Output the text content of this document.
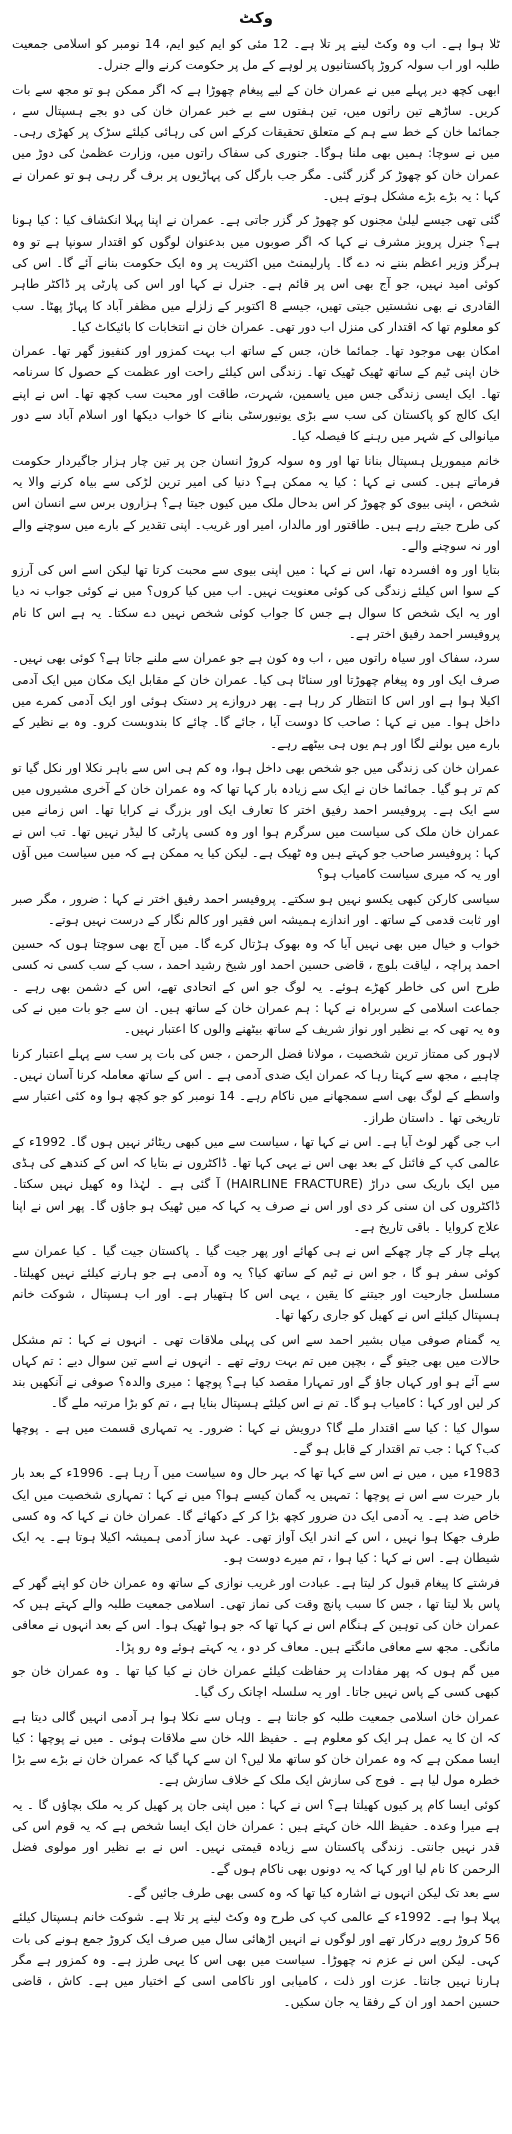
وکٹ

ٹلا ہوا ہے۔ اب وہ وکٹ لینے پر تلا ہے۔ 12 مئی کو ایم کیو ایم، 14 نومبر کو اسلامی جمعیت طلبہ اور اب سولہ کروڑ پاکستانیوں پر لوہے کے مل پر حکومت کرنے والے جنرل۔

ابھی کچھ دیر پہلے میں نے عمران خان کے لیے پیغام چھوڑا ہے کہ اگر ممکن ہو تو مجھ سے بات کریں۔ ساڑھے تین راتوں میں، تین ہفتوں سے بے خبر عمران خان کی دو بجے ہسپتال سے ، جمائما خان کے خط سے ہم کے متعلق تحقیقات کرکے اس کی رہائی کیلئے سڑک پر کھڑی رہی۔ میں نے سوچا: ہمیں بھی ملنا ہوگا۔ جنوری کی سفاک راتوں میں، وزارت عظمیٰ کی دوڑ میں عمران خان کو چھوڑ کر گزر گئی۔ مگر جب بارگل کی پہاڑیوں پر برف گر رہی ہو تو عمران نے کہا : یہ بڑے بڑے مشکل ہوتے ہیں۔

گئی تھی جیسے لیلیٰ مجنوں کو چھوڑ کر گزر جاتی ہے۔ عمران نے اپنا پہلا انکشاف کیا : کیا ہونا ہے؟ جنرل پرویز مشرف نے کہا کہ اگر صوبوں میں بدعنوان لوگوں کو اقتدار سونپا ہے تو وہ ہرگز وزیر اعظم بننے نہ دے گا۔ پارلیمنٹ میں اکثریت پر وہ ایک حکومت بنانے آئے گا۔ اس کی کوئی امید نہیں، جو آج بھی اس پر قائم ہے۔ جنرل نے کہا اور اس کی پارٹی پر ڈاکٹر طاہر القادری نے بھی نشستیں جیتی تھیں، جیسے 8 اکتوبر کے زلزلے میں مظفر آباد کا پہاڑ پھٹا۔ سب کو معلوم تھا کہ اقتدار کی منزل اب دور تھی۔ عمران خان نے انتخابات کا بائیکاٹ کیا۔

امکان بھی موجود تھا۔ جمائما خان، جس کے ساتھ اب بہت کمزور اور کنفیوز گھر تھا۔ عمران خان اپنی ٹیم کے ساتھ ٹھیک ٹھیک تھا۔ زندگی اس کیلئے راحت اور عظمت کے حصول کا سرنامہ تھا۔ ایک ایسی زندگی جس میں یاسمین، شہرت، طاقت اور محبت سب کچھ تھا۔ اس نے اپنے ایک کالج کو پاکستان کی سب سے بڑی یونیورسٹی بنانے کا خواب دیکھا اور اسلام آباد سے دور میانوالی کے شہر میں رہنے کا فیصلہ کیا۔

خانم میموریل ہسپتال بنانا تھا اور وہ سولہ کروڑ انسان جن پر تین چار ہزار جاگیردار حکومت فرماتے ہیں۔ کسی نے کہا : کیا یہ ممکن ہے؟ دنیا کی امیر ترین لڑکی سے بیاہ کرنے والا یہ شخص ، اپنی بیوی کو چھوڑ کر اس بدحال ملک میں کیوں جیتا ہے؟ ہزاروں برس سے انسان اس کی طرح جیتے رہے ہیں۔ طاقتور اور مالدار، امیر اور غریب۔ اپنی تقدیر کے بارے میں سوچنے والے اور نہ سوچنے والے۔

بتایا اور وہ افسردہ تھا، اس نے کہا : میں اپنی بیوی سے محبت کرتا تھا لیکن اسے اس کی آرزو کے سوا اس کیلئے زندگی کی کوئی معنویت نہیں۔ اب میں کیا کروں؟ میں نے کوئی جواب نہ دیا اور یہ ایک شخص کا سوال ہے جس کا جواب کوئی شخص نہیں دے سکتا۔ یہ ہے اس کا نام پروفیسر احمد رفیق اختر ہے۔

سرد، سفاک اور سیاہ راتوں میں ، اب وہ کون ہے جو عمران سے ملنے جاتا ہے؟ کوئی بھی نہیں۔ صرف ایک اور وہ پیغام چھوڑتا اور سناٹا ہی کیا۔ عمران خان کے مقابل ایک مکان میں ایک آدمی اکیلا ہوا ہے اور اس کا انتظار کر رہا ہے۔ پھر دروازے پر دستک ہوئی اور ایک آدمی کمرے میں داخل ہوا۔ میں نے کہا : صاحب کا دوست آیا ، جائے گا۔ چائے کا بندوبست کرو۔ وہ بے نظیر کے بارے میں بولنے لگا اور ہم یوں ہی بیٹھے رہے۔

عمران خان کی زندگی میں جو شخص بھی داخل ہوا، وہ کم ہی اس سے باہر نکلا اور نکل گیا تو کم تر ہو گیا۔ جمائما خان نے ایک سے زیادہ بار کہا تھا کہ وہ عمران خان کے آخری مشیروں میں سے ایک ہے۔ پروفیسر احمد رفیق اختر کا تعارف ایک اور بزرگ نے کرایا تھا۔ اس زمانے میں عمران خان ملک کی سیاست میں سرگرم ہوا اور وہ کسی پارٹی کا لیڈر نہیں تھا۔ تب اس نے کہا : پروفیسر صاحب جو کہتے ہیں وہ ٹھیک ہے۔ لیکن کیا یہ ممکن ہے کہ میں سیاست میں آؤں اور یہ کہ میری سیاست کامیاب ہو؟

سیاسی کارکن کبھی یکسو نہیں ہو سکتے۔ پروفیسر احمد رفیق اختر نے کہا : ضرور ، مگر صبر اور ثابت قدمی کے ساتھ۔ اور اندازے ہمیشہ اس فقیر اور کالم نگار کے درست نہیں ہوتے۔

خواب و خیال میں بھی نہیں آیا کہ وہ بھوک ہڑتال کرے گا۔ میں آج بھی سوچتا ہوں کہ حسین احمد پراچہ ، لیاقت بلوچ ، قاضی حسین احمد اور شیخ رشید احمد ، سب کے سب کسی نہ کسی طرح اس کی خاطر کھڑے ہوئے۔ یہ لوگ جو اس کے اتحادی تھے، اس کے دشمن بھی رہے ۔ جماعت اسلامی کے سربراہ نے کہا : ہم عمران خان کے ساتھ ہیں۔ ان سے جو بات میں نے کی وہ یہ تھی کہ بے نظیر اور نواز شریف کے ساتھ بیٹھنے والوں کا اعتبار نہیں۔

لاہور کی ممتاز ترین شخصیت ، مولانا فضل الرحمن ، جس کی بات پر سب سے پہلے اعتبار کرنا چاہیے ، مجھ سے کہتا رہا کہ عمران ایک ضدی آدمی ہے ۔ اس کے ساتھ معاملہ کرنا آسان نہیں۔ واسطے کے لوگ بھی اسے سمجھانے میں ناکام رہے۔ 14 نومبر کو جو کچھ ہوا وہ کئی اعتبار سے تاریخی تھا ۔ داستان طراز۔

اب جی گھر لوٹ آیا ہے۔ اس نے کہا تھا ، سیاست سے میں کبھی ریٹائر نہیں ہوں گا۔ 1992ء کے عالمی کپ کے فائنل کے بعد بھی اس نے یہی کہا تھا۔ ڈاکٹروں نے بتایا کہ اس کے کندھے کی ہڈی میں ایک باریک سی دراڑ (HAIRLINE FRACTURE) آ گئی ہے ۔ لہٰذا وہ کھیل نہیں سکتا۔ ڈاکٹروں کی ان سنی کر دی اور اس نے صرف یہ کہا کہ میں ٹھیک ہو جاؤں گا۔ پھر اس نے اپنا علاج کروایا ۔ باقی تاریخ ہے۔

پہلے چار کے چار چھکے اس نے ہی کھائے اور پھر جیت گیا ۔ پاکستان جیت گیا ۔ کیا عمران سے کوئی سفر ہو گا ، جو اس نے ٹیم کے ساتھ کیا؟ یہ وہ آدمی ہے جو ہارنے کیلئے نہیں کھیلتا۔ مسلسل جارحیت اور جیتنے کا یقین ، یہی اس کا ہتھیار ہے۔ اور اب ہسپتال ، شوکت خانم ہسپتال کیلئے اس نے کھیل کو جاری رکھا تھا۔

یہ گمنام صوفی میاں بشیر احمد سے اس کی پہلی ملاقات تھی ۔ انہوں نے کہا : تم مشکل حالات میں بھی جیتو گے ، بچپن میں تم بہت روتے تھے ۔ انہوں نے اسے تین سوال دیے : تم کہاں سے آئے ہو اور کہاں جاؤ گے اور تمہارا مقصد کیا ہے؟ پوچھا : میری والدہ؟ صوفی نے آنکھیں بند کر لیں اور کہا : کامیاب ہو گا۔ تم نے اس کیلئے ہسپتال بنایا ہے ، تم کو بڑا مرتبہ ملے گا۔

سوال کیا : کیا سے اقتدار ملے گا؟ درویش نے کہا : ضرور۔ یہ تمہاری قسمت میں ہے ۔ پوچھا کب؟ کہا : جب تم اقتدار کے قابل ہو گے۔

1983ء میں ، میں نے اس سے کہا تھا کہ بہر حال وہ سیاست میں آ رہا ہے۔ 1996ء کے بعد بار بار حیرت سے اس نے پوچھا : تمہیں یہ گمان کیسے ہوا؟ میں نے کہا : تمہاری شخصیت میں ایک خاص ضد ہے۔ یہ آدمی ایک دن ضرور کچھ بڑا کر کے دکھائے گا۔ عمران خان نے کہا کہ وہ کسی طرف جھکا ہوا نہیں ، اس کے اندر ایک آواز تھی۔ عہد ساز آدمی ہمیشہ اکیلا ہوتا ہے۔ یہ ایک شیطان ہے۔ اس نے کہا : کیا ہوا ، تم میرے دوست ہو۔

فرشتے کا پیغام قبول کر لیتا ہے۔ عبادت اور غریب نوازی کے ساتھ وہ عمران خان کو اپنے گھر کے پاس بلا لیتا تھا ، جس کا سبب پانچ وقت کی نماز تھی۔ اسلامی جمعیت طلبہ والے کہتے ہیں کہ عمران خان کی توہین کے ہنگام اس نے کہا تھا کہ جو ہوا ٹھیک ہوا۔ اس کے بعد انہوں نے معافی مانگی۔ مجھ سے معافی مانگتے ہیں۔ معاف کر دو ، یہ کہتے ہوئے وہ رو پڑا۔

میں گم ہوں کہ پھر مفادات پر حفاظت کیلئے عمران خان نے کیا کیا تھا ۔ وہ عمران خان جو کبھی کسی کے پاس نہیں جاتا۔ اور یہ سلسلہ اچانک رک گیا۔

عمران خان اسلامی جمعیت طلبہ کو جانتا ہے ۔ وہاں سے نکلا ہوا ہر آدمی انہیں گالی دیتا ہے کہ ان کا یہ عمل ہر ایک کو معلوم ہے ۔ حفیظ اللہ خان سے ملاقات ہوئی ۔ میں نے پوچھا : کیا ایسا ممکن ہے کہ وہ عمران خان کو ساتھ ملا لیں؟ ان سے کہا گیا کہ عمران خان نے بڑے سے بڑا خطرہ مول لیا ہے ۔ فوج کی سازش ایک ملک کے خلاف سازش ہے۔

کوئی ایسا کام پر کیوں کھیلتا ہے؟ اس نے کہا : میں اپنی جان پر کھیل کر یہ ملک بچاؤں گا ۔ یہ ہے میرا وعدہ۔ حفیظ اللہ خان کہتے ہیں : عمران خان ایک ایسا شخص ہے کہ یہ قوم اس کی قدر نہیں جانتی۔ زندگی پاکستان سے زیادہ قیمتی نہیں۔ اس نے بے نظیر اور مولوی فضل الرحمن کا نام لیا اور کہا کہ یہ دونوں بھی ناکام ہوں گے۔

سے بعد تک لیکن انہوں نے اشارہ کیا تھا کہ وہ کسی بھی طرف جائیں گے۔

پہلا ہوا ہے۔ 1992ء کے عالمی کپ کی طرح وہ وکٹ لینے پر تلا ہے۔ شوکت خانم ہسپتال کیلئے 56 کروڑ روپے درکار تھے اور لوگوں نے انہیں اڑھائی سال میں صرف ایک کروڑ جمع ہونے کی بات کہی۔ لیکن اس نے عزم نہ چھوڑا۔ سیاست میں بھی اس کا یہی طرز ہے۔ وہ کمزور ہے مگر ہارنا نہیں جانتا۔ عزت اور ذلت ، کامیابی اور ناکامی اسی کے اختیار میں ہے۔ کاش ، قاضی حسین احمد اور ان کے رفقا یہ جان سکیں۔
